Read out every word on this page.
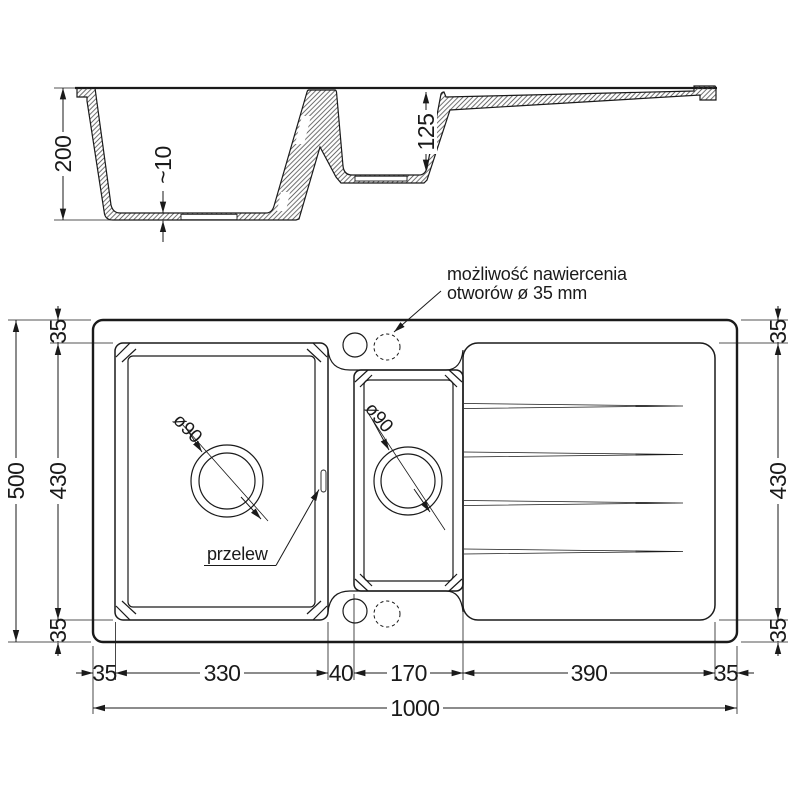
200	~10
125
ø90
przelew
ø90
możliwość nawiercenia
otworów ø 35 mm
500
35
430
35
35
430
35
35	330	40 170	390	35
1000
